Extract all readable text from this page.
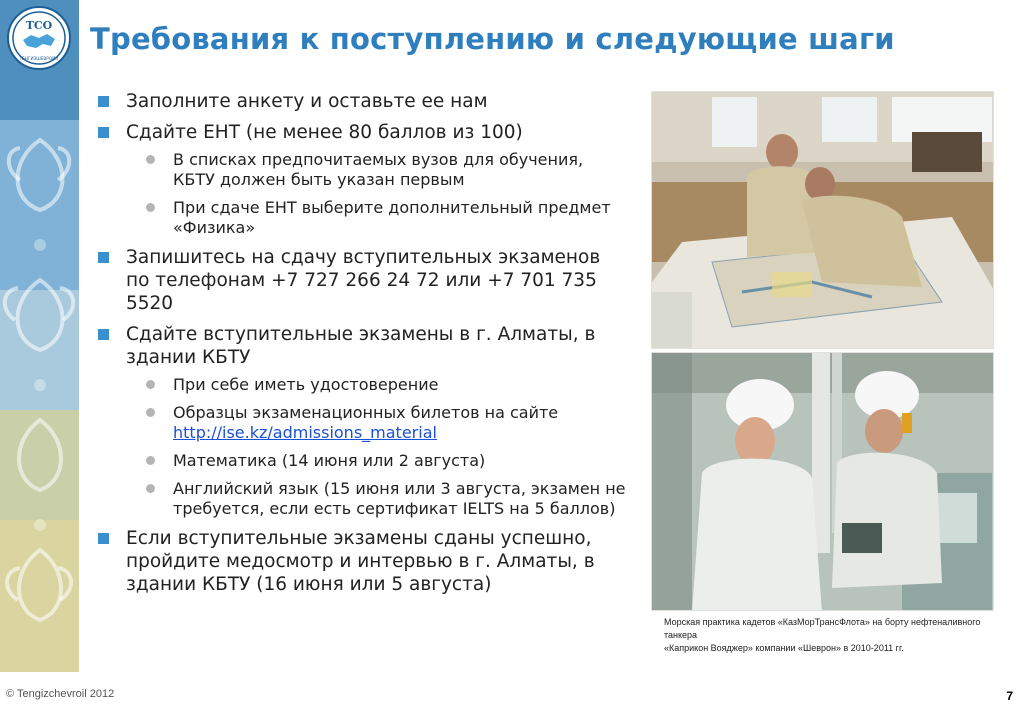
ТСО
ТЕНГИЗШЕВРОЙЛ
Требования к поступлению и следующие шаги
Заполните анкету и оставьте ее нам
Сдайте ЕНТ (не менее 80 баллов из 100)
В списках предпочитаемых вузов для обучения, КБТУ должен быть указан первым
При сдаче ЕНТ выберите дополнительный предмет «Физика»
Запишитесь на сдачу вступительных экзаменов по телефонам +7 727 266 24 72 или +7 701 735 5520
Сдайте вступительные экзамены в г. Алматы, в здании КБТУ
При себе иметь удостоверение
Образцы экзаменационных билетов на сайте
http://ise.kz/admissions_material
Математика (14 июня или 2 августа)
Английский язык (15 июня или 3 августа, экзамен не требуется, если есть сертификат IELTS на 5 баллов)
Если вступительные экзамены сданы успешно, пройдите медосмотр и интервью в г. Алматы, в здании КБТУ (16 июня или 5 августа)
Морская практика кадетов «КазМорТрансФлота» на борту нефтеналивного танкера
«Каприкон Вояджер» компании «Шеврон» в 2010-2011 гг.
© Tengizchevroil 2012	7
